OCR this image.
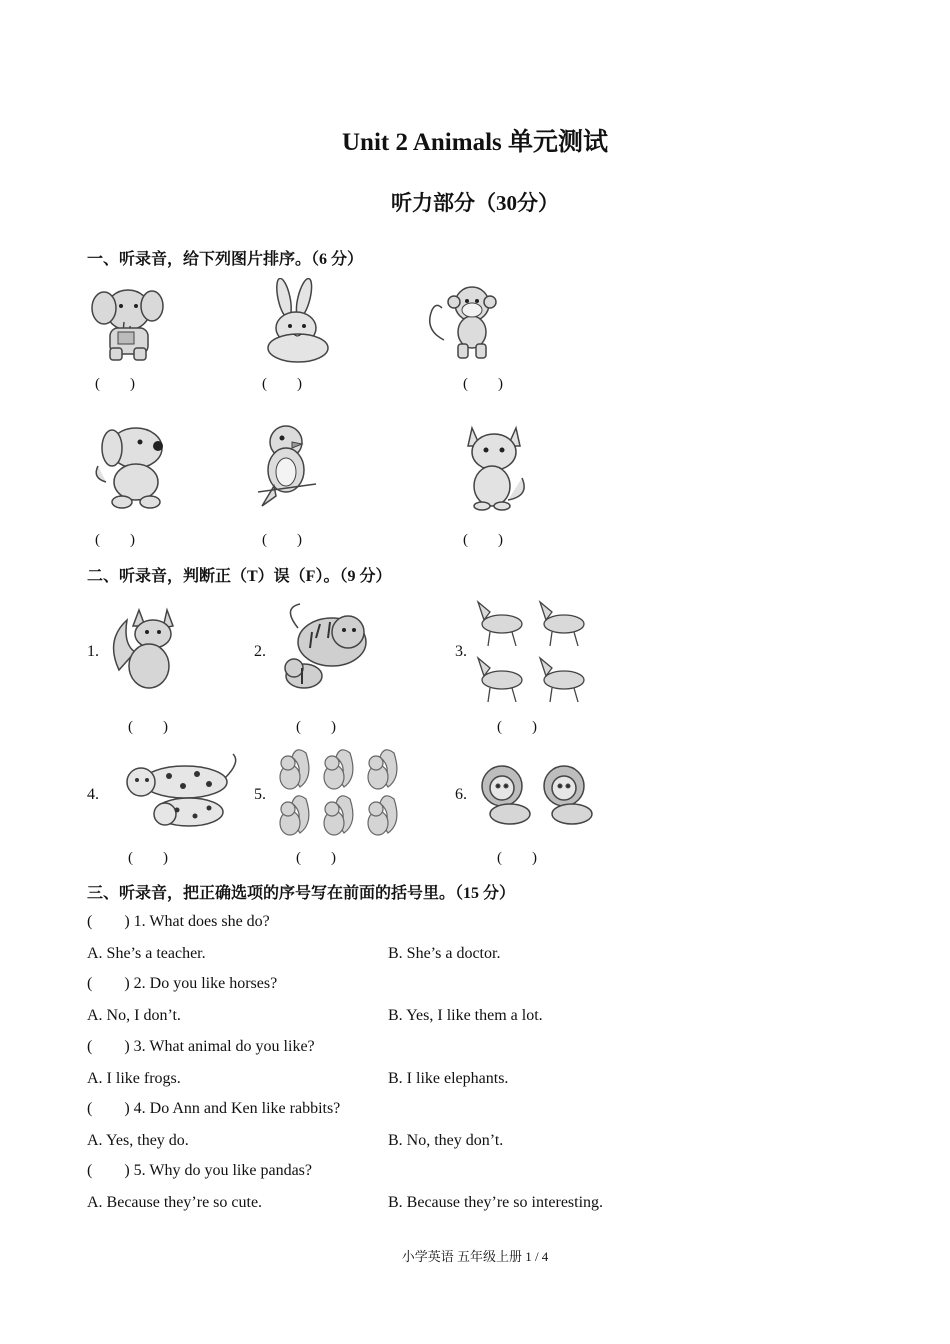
Unit 2 Animals 单元测试
听力部分（30分）
一、听录音，给下列图片排序。（6 分）
(        )	(        )	(        )
(        )	(        )	(        )
二、听录音，判断正（T）误（F）。（9 分）
1.	2.	3.
(        )	(        )	(        )
4.	5.	6.
(        )	(        )	(        )
三、听录音，把正确选项的序号写在前面的括号里。（15 分）
(        ) 1. What does she do?
A. She’s a teacher.	B. She’s a doctor.
(        ) 2. Do you like horses?
A. No, I don’t.	B. Yes, I like them a lot.
(        ) 3. What animal do you like?
A. I like frogs.	B. I like elephants.
(        ) 4. Do Ann and Ken like rabbits?
A. Yes, they do.	B. No, they don’t.
(        ) 5. Why do you like pandas?
A. Because they’re so cute.	B. Because they’re so interesting.
小学英语 五年级上册 1 / 4
